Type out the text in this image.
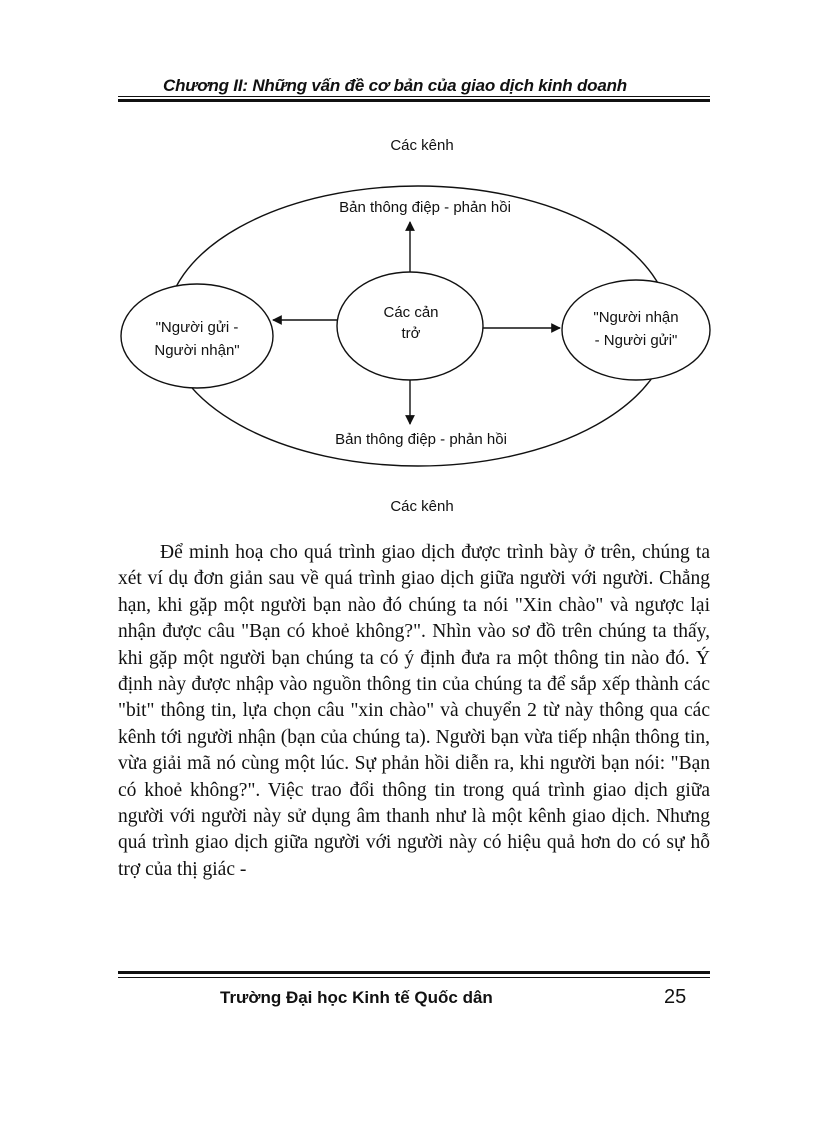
Chương II: Những vấn đề cơ bản của giao dịch kinh doanh
Các kênh
Bản thông điệp - phản hồi
Bản thông điệp - phản hồi
"Người gửi -
Người nhận"
Các cản
trở
"Người nhận
- Người gửi"
Các kênh

Để minh hoạ cho quá trình giao dịch được trình bày ở trên, chúng ta xét ví dụ đơn giản sau về quá trình giao dịch giữa người với người. Chẳng hạn, khi gặp một người bạn nào đó chúng ta nói "Xin chào" và ngược lại nhận được câu "Bạn có khoẻ không?". Nhìn vào sơ đồ trên chúng ta thấy, khi gặp một người bạn chúng ta có ý định đưa ra một thông tin nào đó. Ý định này được nhập vào nguồn thông tin của chúng ta để sắp xếp thành các "bit" thông tin, lựa chọn câu "xin chào" và chuyển 2 từ này thông qua các kênh tới người nhận (bạn của chúng ta). Người bạn vừa tiếp nhận thông tin, vừa giải mã nó cùng một lúc. Sự phản hồi diễn ra, khi người bạn nói: "Bạn có khoẻ không?". Việc trao đổi thông tin trong quá trình giao dịch giữa người với người này sử dụng âm thanh như là một kênh giao dịch. Nhưng quá trình giao dịch giữa người với người này có hiệu quả hơn do có sự hỗ trợ của thị giác -

Trường Đại học Kinh tế Quốc dân	25
